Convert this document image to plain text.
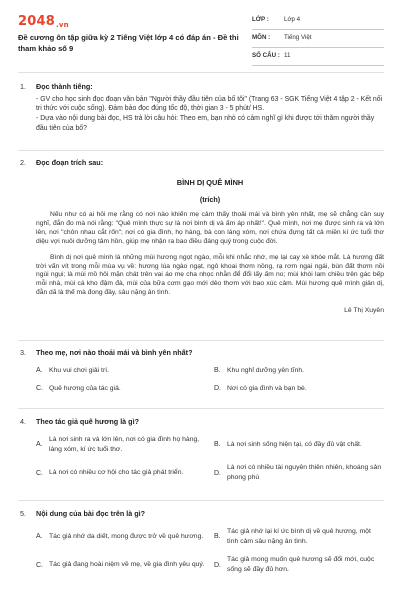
2048.vn
Đề cương ôn tập giữa kỳ 2 Tiếng Việt lớp 4 có đáp án - Đề thi tham khảo số 9
LỚP :	Lớp 4
MÔN :	Tiếng Việt
SỐ CÂU : 11
1. Đọc thành tiếng:
- GV cho học sinh đọc đoạn văn bản "Người thầy đầu tiên của bố tôi" (Trang 63 - SGK Tiếng Việt 4 tập 2 - Kết nối tri thức với cuộc sống). Đảm bảo đọc đúng tốc độ, thời gian 3 - 5 phút/ HS.
- Dựa vào nội dung bài đọc, HS trả lời câu hỏi: Theo em, bạn nhỏ có cảm nghĩ gì khi được tới thăm người thầy đầu tiên của bố?
2. Đọc đoạn trích sau:
BÌNH DỊ QUÊ MÌNH
(trích)
Nếu như có ai hỏi mẹ rằng có nơi nào khiến mẹ cảm thấy thoải mái và bình yên nhất, mẹ sẽ chẳng cần suy nghĩ, đắn đo mà nói rằng: "Quê mình thực sự là nơi bình dị và ấm áp nhất!". Quê mình, nơi mẹ được sinh ra và lớn lên, nơi "chôn nhau cắt rốn"; nơi có gia đình, họ hàng, bà con láng xóm, nơi chứa đựng tất cả miền kí ức tuổi thơ diệu vợi nuôi dưỡng tâm hồn, giúp mẹ nhận ra bao điều đáng quý trong cuộc đời.
Bình dị nơi quê mình là những mùi hương ngọt ngào, mỗi khi nhắc nhớ, mẹ lại cay xè khóe mắt. Là hương đất trời vấn vít trong mỗi mùa vụ về: hương lúa ngào ngạt, ngô khoai thơm nồng, rạ rơm ngai ngái, bùn đất thơm nồi ngùi ngụi; là mùi mồ hôi mặn chát trên vai áo mẹ cha nhọc nhằn để đổi lấy ấm no; mùi khói lam chiều trên gác bếp mỗi nhà, mùi cá kho đậm đà, mùi của bữa cơm gạo mới dẻo thơm với bao xúc cảm. Mùi hương quê mình giản dị, đằn dã là thế mà đong đầy, sâu nặng ân tình.
Lê Thị Xuyên
3. Theo mẹ, nơi nào thoải mái và bình yên nhất?
A. Khu vui chơi giải trí.	B. Khu nghỉ dưỡng yên tĩnh.
C. Quê hương của tác giả.	D. Nơi có gia đình và bạn bè.
4. Theo tác giả quê hương là gì?
A.
Là nơi sinh ra và lớn lên, nơi có gia đình họ hàng, láng xóm, kí ức tuổi thơ.
B. Là nơi sinh sống hiện tại, có đầy đủ vật chất.
C. Là nơi có nhiều cơ hội cho tác giả phát triển.	D.
Là nơi có nhiều tài nguyên thiên nhiên, khoáng sản phong phú
5. Nội dung của bài đọc trên là gì?
A. Tác giả nhớ da diết, mong được trở về quê hương. B.
Tác giả nhớ lại kí ức bình dị về quê hương, một tình cảm sâu nặng ân tình.
C. Tác giả đang hoài niệm về mẹ, về gia đình yêu quý. D.
Tác giả mong muốn quê hương sẽ đổi mới, cuộc sống sẽ đầy đủ hơn.
